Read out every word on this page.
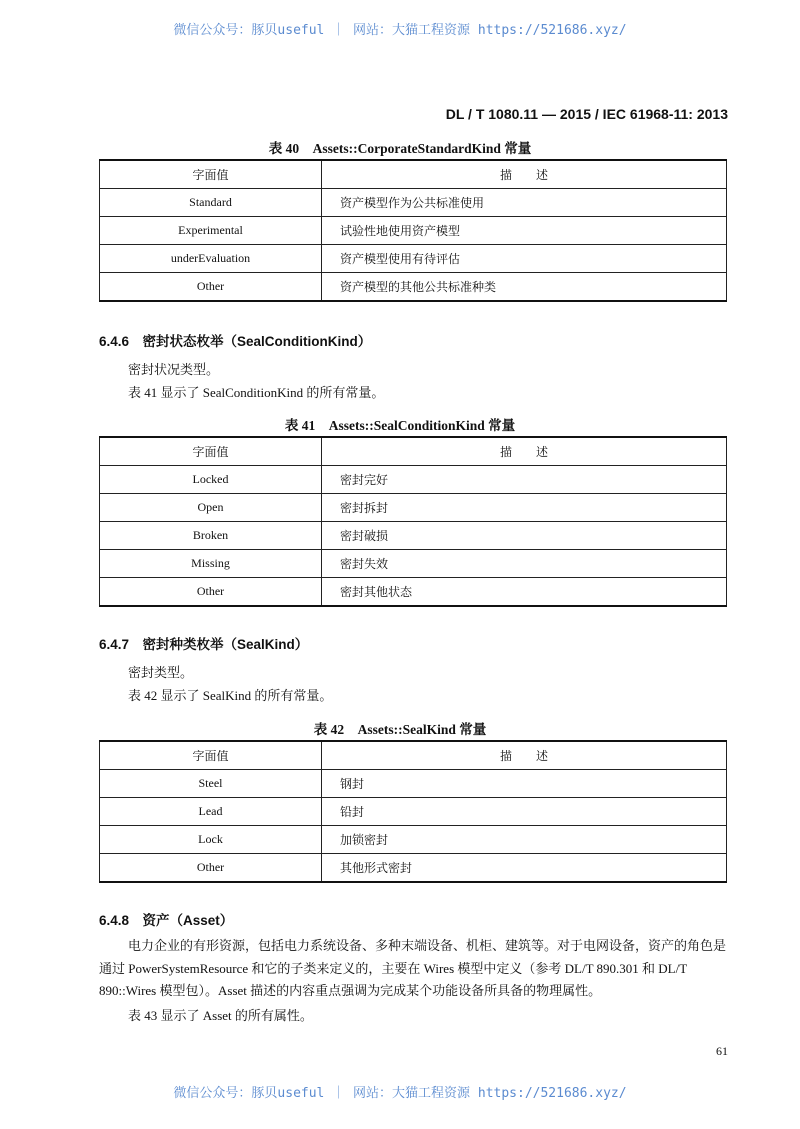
微信公众号：豚贝useful ｜ 网站：大猫工程资源 https://521686.xyz/
DL / T 1080.11 — 2015 / IEC 61968-11: 2013
表 40　Assets::CorporateStandardKind 常量
字面值	描　　述
Standard	资产模型作为公共标准使用
Experimental	试验性地使用资产模型
underEvaluation	资产模型使用有待评估
Other	资产模型的其他公共标准种类
6.4.6　密封状态枚举（SealConditionKind）
密封状况类型。
表 41 显示了 SealConditionKind 的所有常量。
表 41　Assets::SealConditionKind 常量
字面值	描　　述
Locked	密封完好
Open	密封拆封
Broken	密封破损
Missing	密封失效
Other	密封其他状态
6.4.7　密封种类枚举（SealKind）
密封类型。
表 42 显示了 SealKind 的所有常量。
表 42　Assets::SealKind 常量
字面值	描　　述
Steel	钢封
Lead	铅封
Lock	加锁密封
Other	其他形式密封
6.4.8　资产（Asset）
电力企业的有形资源，包括电力系统设备、多种末端设备、机柜、建筑等。对于电网设备，资产的角色是通过 PowerSystemResource 和它的子类来定义的，主要在 Wires 模型中定义（参考 DL/T 890.301 和 DL/T 890::Wires 模型包）。Asset 描述的内容重点强调为完成某个功能设备所具备的物理属性。
表 43 显示了 Asset 的所有属性。
61
微信公众号：豚贝useful ｜ 网站：大猫工程资源 https://521686.xyz/
